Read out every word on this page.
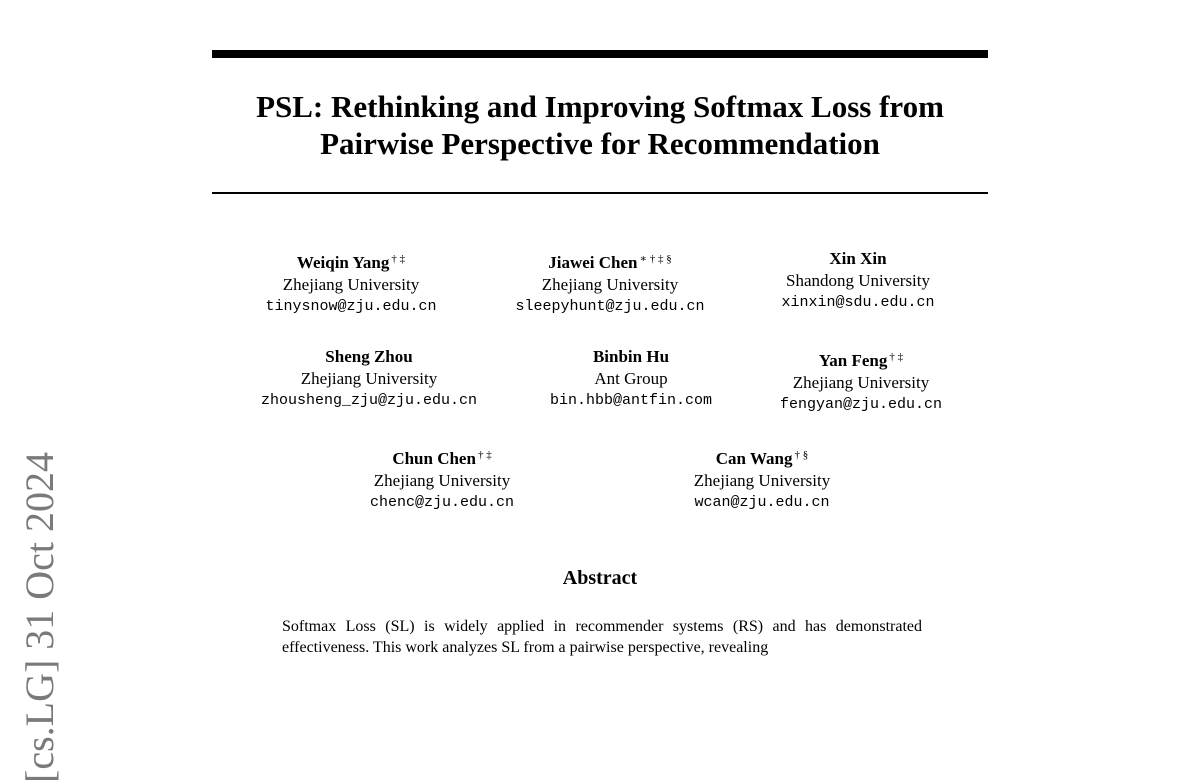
[cs.LG] 31 Oct 2024
PSL: Rethinking and Improving Softmax Loss from
Pairwise Perspective for Recommendation
Weiqin Yang † ‡
Zhejiang University
tinysnow@zju.edu.cn
Jiawei Chen ∗ † ‡ §
Zhejiang University
sleepyhunt@zju.edu.cn
Xin Xin
Shandong University
xinxin@sdu.edu.cn
Sheng Zhou
Zhejiang University
zhousheng_zju@zju.edu.cn
Binbin Hu
Ant Group
bin.hbb@antfin.com
Yan Feng † ‡
Zhejiang University
fengyan@zju.edu.cn
Chun Chen † ‡
Zhejiang University
chenc@zju.edu.cn
Can Wang † §
Zhejiang University
wcan@zju.edu.cn
Abstract

Softmax Loss (SL) is widely applied in recommender systems (RS) and has demonstrated effectiveness. This work analyzes SL from a pairwise perspective, revealing
